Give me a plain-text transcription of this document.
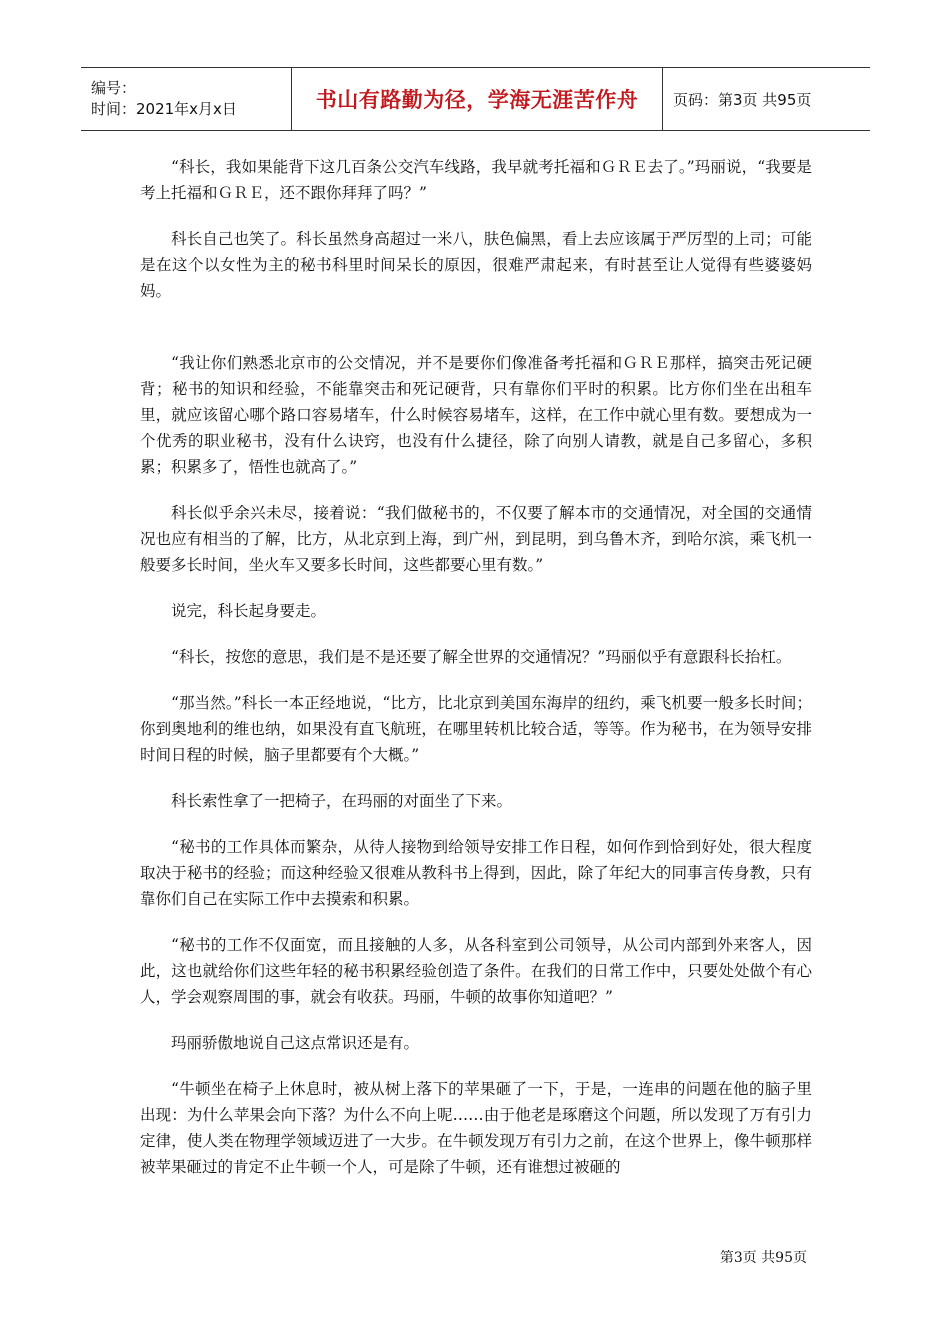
编号：
时间：2021年x月x日	书山有路勤为径，学海无涯苦作舟 页码：第3页 共95页

“科长，我如果能背下这几百条公交汽车线路，我早就考托福和ＧＲＥ去了。”玛丽说，“我要是考上托福和ＧＲＥ，还不跟你拜拜了吗？”

科长自己也笑了。科长虽然身高超过一米八，肤色偏黑，看上去应该属于严厉型的上司；可能是在这个以女性为主的秘书科里时间呆长的原因，很难严肃起来，有时甚至让人觉得有些婆婆妈妈。

“我让你们熟悉北京市的公交情况，并不是要你们像准备考托福和ＧＲＥ那样，搞突击死记硬背；秘书的知识和经验，不能靠突击和死记硬背，只有靠你们平时的积累。比方你们坐在出租车里，就应该留心哪个路口容易堵车，什么时候容易堵车，这样，在工作中就心里有数。要想成为一个优秀的职业秘书，没有什么诀窍，也没有什么捷径，除了向别人请教，就是自己多留心，多积累；积累多了，悟性也就高了。”

科长似乎余兴未尽，接着说：“我们做秘书的，不仅要了解本市的交通情况，对全国的交通情况也应有相当的了解，比方，从北京到上海，到广州，到昆明，到乌鲁木齐，到哈尔滨，乘飞机一般要多长时间，坐火车又要多长时间，这些都要心里有数。”

说完，科长起身要走。

“科长，按您的意思，我们是不是还要了解全世界的交通情况？”玛丽似乎有意跟科长抬杠。

“那当然。”科长一本正经地说，“比方，比北京到美国东海岸的纽约，乘飞机要一般多长时间；你到奥地利的维也纳，如果没有直飞航班，在哪里转机比较合适，等等。作为秘书，在为领导安排时间日程的时候，脑子里都要有个大概。”

科长索性拿了一把椅子，在玛丽的对面坐了下来。

“秘书的工作具体而繁杂，从待人接物到给领导安排工作日程，如何作到恰到好处，很大程度取决于秘书的经验；而这种经验又很难从教科书上得到，因此，除了年纪大的同事言传身教，只有靠你们自己在实际工作中去摸索和积累。

“秘书的工作不仅面宽，而且接触的人多，从各科室到公司领导，从公司内部到外来客人，因此，这也就给你们这些年轻的秘书积累经验创造了条件。在我们的日常工作中，只要处处做个有心人，学会观察周围的事，就会有收获。玛丽，牛顿的故事你知道吧？”

玛丽骄傲地说自己这点常识还是有。

“牛顿坐在椅子上休息时，被从树上落下的苹果砸了一下，于是，一连串的问题在他的脑子里出现：为什么苹果会向下落？为什么不向上呢……由于他老是琢磨这个问题，所以发现了万有引力定律，使人类在物理学领域迈进了一大步。在牛顿发现万有引力之前，在这个世界上，像牛顿那样被苹果砸过的肯定不止牛顿一个人，可是除了牛顿，还有谁想过被砸的

第3页 共95页
